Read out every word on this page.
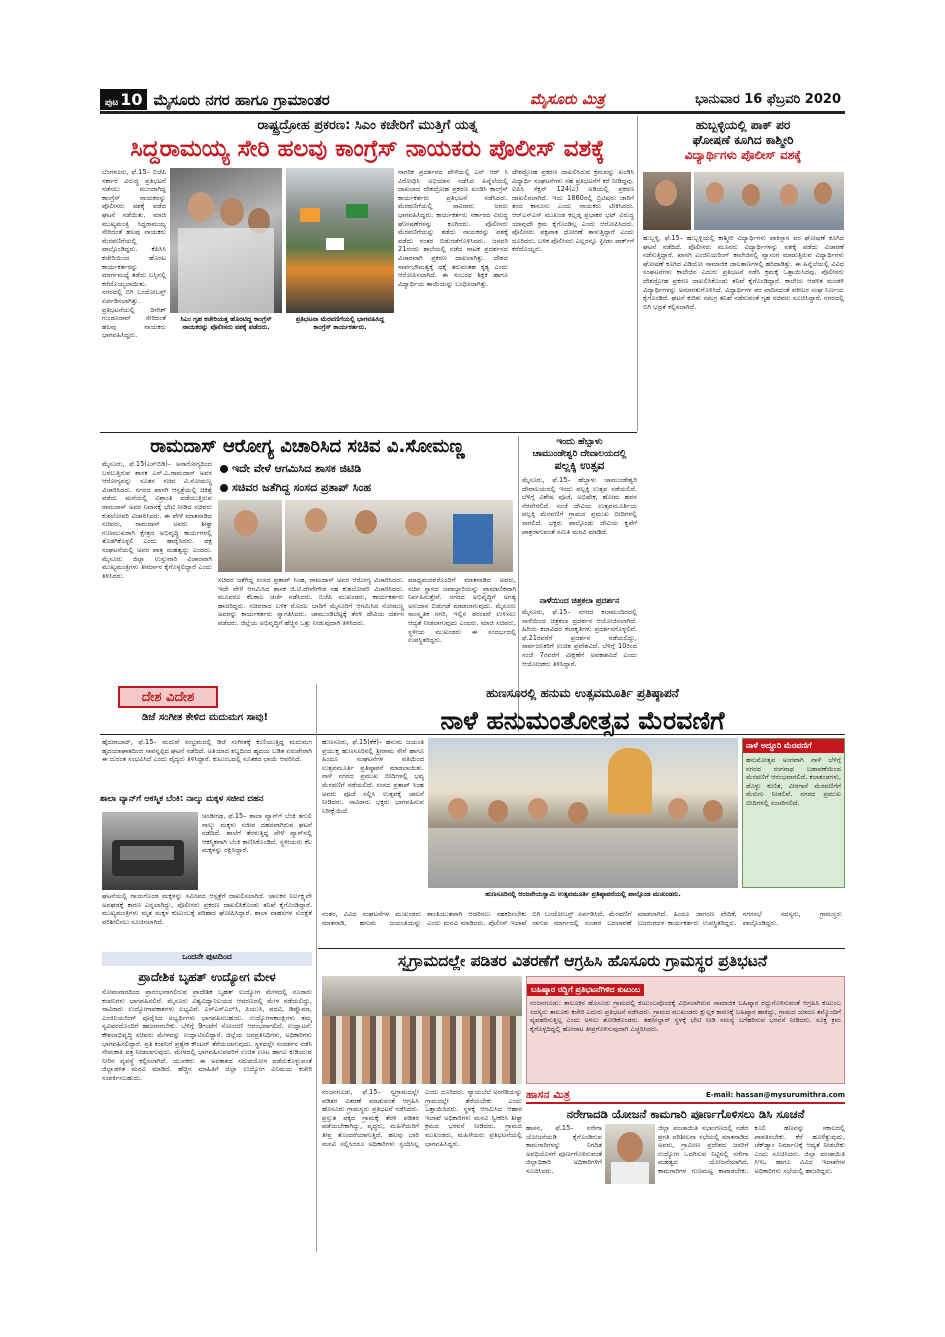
ಪುಟ 10 ಮೈಸೂರು ನಗರ ಹಾಗೂ ಗ್ರಾಮಾಂತರ	ಮೈಸೂರು ಮಿತ್ರ	ಭಾನುವಾರ 16 ಫೆಬ್ರವರಿ 2020
ರಾಷ್ಟ್ರದ್ರೋಹ ಪ್ರಕರಣ: ಸಿಎಂ ಕಚೇರಿಗೆ ಮುತ್ತಿಗೆ ಯತ್ನ
ಸಿದ್ದರಾಮಯ್ಯ ಸೇರಿ ಹಲವು ಕಾಂಗ್ರೆಸ್ ನಾಯಕರು ಪೊಲೀಸ್ ವಶಕ್ಕೆ
ಬೆಂಗಳೂರು, ಫೆ.15– ಬಿಜೆಪಿ ಸರ್ಕಾರ ವಿರುದ್ಧ ಪ್ರತಿಭಟನೆ ನಡೆಸಲು ಮುಂದಾಗಿದ್ದ ಕಾಂಗ್ರೆಸ್ ನಾಯಕರನ್ನು ಪೊಲೀಸರು ವಶಕ್ಕೆ ಪಡೆದ ಘಟನೆ ನಡೆಯಿತು. ಮಾಜಿ ಮುಖ್ಯಮಂತ್ರಿ ಸಿದ್ದರಾಮಯ್ಯ ಸೇರಿದಂತೆ ಹಲವು ನಾಯಕರು ಮೆರವಣಿಗೆಯಲ್ಲಿ ಪಾಲ್ಗೊಂಡಿದ್ದರು. ಕೆಪಿಸಿಸಿ ಕಚೇರಿಯಿಂದ ಹೊರಟ ಕಾರ್ಯಕರ್ತರನ್ನು ಮಾರ್ಗಮಧ್ಯೆ ತಡೆದು ಬಸ್ಸಿನಲ್ಲಿ ಕರೆದೊಯ್ಯಲಾಯಿತು. ನಗರದಲ್ಲಿ ಬಿಗಿ ಬಂದೋಬಸ್ತ್ ಏರ್ಪಡಿಸಲಾಗಿತ್ತು. ಪ್ರತಿಭಟನೆಯಲ್ಲಿ ದಿನೇಶ್ ಗುಂಡೂರಾವ್ ಸೇರಿದಂತೆ ಹಲವು ನಾಯಕರು ಭಾಗವಹಿಸಿದ್ದರು.
ಸಿಎಂ ಗೃಹ ಕಚೇರಿಯತ್ತ ಹೊರಟಿದ್ದ ಕಾಂಗ್ರೆಸ್ ನಾಯಕರನ್ನು ಪೊಲೀಸರು ವಶಕ್ಕೆ ಪಡೆದರು.
ಪ್ರತಿಭಟನಾ ಮೆರವಣಿಗೆಯಲ್ಲಿ ಭಾಗವಹಿಸಿದ್ದ ಕಾಂಗ್ರೆಸ್ ಕಾರ್ಯಕರ್ತರು.
ನಾಗರಿಕ ಪ್ರದರ್ಶನದ ವೇಳೆಯಲ್ಲಿ ಎನ್ ಆರ್ ಸಿ ವಿರೋಧಿಸಿ ಅಭಿಯಾನ ನಡೆಸಿದ ಹಿನ್ನೆಲೆಯಲ್ಲಿ ದಾಖಲಾದ ದೇಶದ್ರೋಹ ಪ್ರಕರಣ ಖಂಡಿಸಿ ಕಾಂಗ್ರೆಸ್ ಕಾರ್ಯಕರ್ತರು ಪ್ರತಿಭಟನೆ ನಡೆಸಿದರು. ಮೆರವಣಿಗೆಯಲ್ಲಿ ಸಾವಿರಾರು ಜನರು ಭಾಗವಹಿಸಿದ್ದರು. ಕಾರ್ಯಕರ್ತರು ಸರ್ಕಾರದ ವಿರುದ್ಧ ಘೋಷಣೆಗಳನ್ನು ಕೂಗಿದರು. ಪೊಲೀಸರು ಮೆರವಣಿಗೆಯನ್ನು ತಡೆದು ನಾಯಕರನ್ನು ವಶಕ್ಕೆ ಪಡೆದು ನಂತರ ಬಿಡುಗಡೆಗೊಳಿಸಿದರು. ಜನವರಿ 21ರಂದು ಶಾಲೆಯಲ್ಲಿ ನಡೆದ ನಾಟಕ ಪ್ರದರ್ಶನದ ವಿಚಾರವಾಗಿ ಪ್ರಕರಣ ದಾಖಲಾಗಿತ್ತು. ದೇಶದ ಸಾರ್ವಭೌಮತ್ವಕ್ಕೆ ಧಕ್ಕೆ ತರುವಂತಹ ಕೃತ್ಯ ಎಂದು ಆರೋಪಿಸಲಾಗಿದೆ. ಈ ಸಂಬಂಧ ಶಿಕ್ಷಕಿ ಹಾಗೂ ವಿದ್ಯಾರ್ಥಿಯ ತಾಯಿಯನ್ನು ಬಂಧಿಸಲಾಗಿತ್ತು.
ದೇಶದ್ರೋಹ ಪ್ರಕರಣ ದಾಖಲಿಸಿರುವ ಕ್ರಮವನ್ನು ಖಂಡಿಸಿ ವಿದ್ಯಾರ್ಥಿ ಸಂಘಟನೆಗಳು ಸಹ ಪ್ರತಿಭಟನೆಗೆ ಕರೆ ನೀಡಿದ್ದವು. ಐಪಿಸಿ ಸೆಕ್ಷನ್ 124(ಎ) ಅಡಿಯಲ್ಲಿ ಪ್ರಕರಣ ದಾಖಲಿಸಲಾಗಿದೆ. ಇದು 1860ರಲ್ಲಿ ಬ್ರಿಟಿಷರು ಜಾರಿಗೆ ತಂದ ಕಾನೂನು ಎಂದು ನಾಯಕರು ಟೀಕಿಸಿದರು. ಆರ್‌ಎಸ್‌ಎಸ್ ಮುಖಂಡ ಕಲ್ಲಡ್ಕ ಪ್ರಭಾಕರ ಭಟ್ ವಿರುದ್ಧ ಯಾವುದೇ ಕ್ರಮ ಕೈಗೊಂಡಿಲ್ಲ ಎಂದು ಆರೋಪಿಸಿದರು. ಪೊಲೀಸರು ಪಕ್ಷಪಾತ ಧೋರಣೆ ತಾಳುತ್ತಿದ್ದಾರೆ ಎಂದು ದೂರಿದರು. ಬಳಿಕ ಪೊಲೀಸರು ಎಲ್ಲರನ್ನೂ ಫ್ರೀಡಂ ಪಾರ್ಕ್‌ಗೆ ಕರೆದೊಯ್ದರು.
ಹುಬ್ಬಳ್ಳಿಯಲ್ಲಿ ಪಾಕ್ ಪರ
ಘೋಷಣೆ ಕೂಗಿದ ಕಾಶ್ಮೀರಿ
ವಿದ್ಯಾರ್ಥಿಗಳು ಪೊಲೀಸ್ ವಶಕ್ಕೆ
ಹುಬ್ಬಳ್ಳಿ, ಫೆ.15– ಹುಬ್ಬಳ್ಳಿಯಲ್ಲಿ ಕಾಶ್ಮೀರಿ ವಿದ್ಯಾರ್ಥಿಗಳು ಪಾಕಿಸ್ತಾನ ಪರ ಘೋಷಣೆ ಕೂಗಿದ ಘಟನೆ ನಡೆದಿದೆ. ಪೊಲೀಸರು ಮೂವರು ವಿದ್ಯಾರ್ಥಿಗಳನ್ನು ವಶಕ್ಕೆ ಪಡೆದು ವಿಚಾರಣೆ ನಡೆಸುತ್ತಿದ್ದಾರೆ. ಖಾಸಗಿ ಎಂಜಿನಿಯರಿಂಗ್ ಕಾಲೇಜಿನಲ್ಲಿ ವ್ಯಾಸಂಗ ಮಾಡುತ್ತಿರುವ ವಿದ್ಯಾರ್ಥಿಗಳು ಘೋಷಣೆ ಕೂಗಿದ ವಿಡಿಯೋ ಸಾಮಾಜಿಕ ಜಾಲತಾಣಗಳಲ್ಲಿ ಹರಿದಾಡಿತ್ತು. ಈ ಹಿನ್ನೆಲೆಯಲ್ಲಿ ವಿವಿಧ ಸಂಘಟನೆಗಳು ಕಾಲೇಜಿನ ಎದುರು ಪ್ರತಿಭಟನೆ ನಡೆಸಿ ಕ್ರಮಕ್ಕೆ ಒತ್ತಾಯಿಸಿದವು. ಪೊಲೀಸರು ದೇಶದ್ರೋಹ ಪ್ರಕರಣ ದಾಖಲಿಸಿಕೊಂಡು ತನಿಖೆ ಕೈಗೊಂಡಿದ್ದಾರೆ. ಕಾಲೇಜು ಆಡಳಿತ ಮಂಡಳಿ ವಿದ್ಯಾರ್ಥಿಗಳನ್ನು ಅಮಾನತುಗೊಳಿಸಿದೆ. ವಿದ್ಯಾರ್ಥಿಗಳ ಪರ ವಾದಿಸದಂತೆ ವಕೀಲರ ಸಂಘ ನಿರ್ಣಯ ಕೈಗೊಂಡಿದೆ. ಘಟನೆ ಕುರಿತು ಸಮಗ್ರ ತನಿಖೆ ನಡೆಸುವಂತೆ ಗೃಹ ಸಚಿವರು ಸೂಚಿಸಿದ್ದಾರೆ. ನಗರದಲ್ಲಿ ಬಿಗಿ ಭದ್ರತೆ ಕಲ್ಪಿಸಲಾಗಿದೆ.
ರಾಮದಾಸ್ ಆರೋಗ್ಯ ವಿಚಾರಿಸಿದ ಸಚಿವ ವಿ.ಸೋಮಣ್ಣ
ಮೈಸೂರು, ಫೆ.15(ಎಸ್‌ಬಿಡಿ)– ಅನಾರೋಗ್ಯದಿಂದ ಬಳಲುತ್ತಿರುವ ಶಾಸಕ ಎಸ್.ಎ.ರಾಮದಾಸ್ ಅವರ ಆರೋಗ್ಯವನ್ನು ನೂತನ ಸಚಿವ ವಿ.ಸೋಮಣ್ಣ ವಿಚಾರಿಸಿದರು. ನಗರದ ಖಾಸಗಿ ಆಸ್ಪತ್ರೆಯಲ್ಲಿ ಚಿಕಿತ್ಸೆ ಪಡೆದು ಮನೆಯಲ್ಲಿ ವಿಶ್ರಾಂತಿ ಪಡೆಯುತ್ತಿರುವ ರಾಮದಾಸ್ ಅವರ ನಿವಾಸಕ್ಕೆ ಭೇಟಿ ನೀಡಿದ ಸಚಿವರು ಕುಶಲೋಪರಿ ವಿಚಾರಿಸಿದರು. ಈ ವೇಳೆ ಮಾತನಾಡಿದ ಸಚಿವರು, ರಾಮದಾಸ್ ಅವರು ಶೀಘ್ರ ಗುಣಮುಖರಾಗಿ ಕ್ಷೇತ್ರದ ಅಭಿವೃದ್ಧಿ ಕಾರ್ಯಗಳಲ್ಲಿ ತೊಡಗಿಕೊಳ್ಳಲಿ ಎಂದು ಹಾರೈಸಿದರು. ಪಕ್ಷ ಸಂಘಟನೆಯಲ್ಲಿ ಅವರ ಪಾತ್ರ ಮಹತ್ವದ್ದು ಎಂದರು. ಮೈಸೂರು ಜಿಲ್ಲಾ ಉಸ್ತುವಾರಿ ವಿಚಾರವಾಗಿ ಮುಖ್ಯಮಂತ್ರಿಗಳು ತೀರ್ಮಾನ ಕೈಗೊಳ್ಳಲಿದ್ದಾರೆ ಎಂದು ತಿಳಿಸಿದರು.
ಇದೇ ವೇಳೆ ಆಗಮಿಸಿದ ಶಾಸಕ ಜಿಟಿಡಿ
ಸಚಿವರ ಜತೆಗಿದ್ದ ಸಂಸದ ಪ್ರತಾಪ್ ಸಿಂಹ
ಸಚಿವರ ಜತೆಗಿದ್ದ ಸಂಸದ ಪ್ರತಾಪ್ ಸಿಂಹ, ರಾಮದಾಸ್ ಅವರ ಆರೋಗ್ಯ ವಿಚಾರಿಸಿದರು. ಇದೇ ವೇಳೆ ಆಗಮಿಸಿದ ಶಾಸಕ ಜಿ.ಟಿ.ದೇವೇಗೌಡ ಸಹ ಕುಶಲೋಪರಿ ವಿಚಾರಿಸಿದರು. ಮೂವರೂ ಕೆಲಕಾಲ ಚರ್ಚೆ ನಡೆಸಿದರು. ಬಿಜೆಪಿ ಮುಖಂಡರು, ಕಾರ್ಯಕರ್ತರು ಹಾಜರಿದ್ದರು. ಸಚಿವರಾದ ಬಳಿಕ ಮೊದಲ ಬಾರಿಗೆ ಮೈಸೂರಿಗೆ ಆಗಮಿಸಿದ ಸೋಮಣ್ಣ ಅವರನ್ನು ಕಾರ್ಯಕರ್ತರು ಸ್ವಾಗತಿಸಿದರು. ಚಾಮುಂಡಿಬೆಟ್ಟಕ್ಕೆ ತೆರಳಿ ದೇವಿಯ ದರ್ಶನ ಪಡೆದರು. ಜಿಲ್ಲೆಯ ಅಭಿವೃದ್ಧಿಗೆ ಹೆಚ್ಚಿನ ಒತ್ತು ನೀಡುವುದಾಗಿ ತಿಳಿಸಿದರು.
ಮಾಧ್ಯಮದವರೊಂದಿಗೆ ಮಾತನಾಡಿದ ಅವರು, ಸಚಿವ ಸ್ಥಾನದ ಜವಾಬ್ದಾರಿಯನ್ನು ಪ್ರಾಮಾಣಿಕವಾಗಿ ನಿರ್ವಹಿಸುತ್ತೇನೆ. ನಗರದ ಅಭಿವೃದ್ಧಿಗೆ ಅಗತ್ಯ ಅನುದಾನ ಬಿಡುಗಡೆ ಮಾಡಲಾಗುವುದು. ಮೈಸೂರು ಸಾಂಸ್ಕೃತಿಕ ನಗರಿ, ಇಲ್ಲಿನ ಪರಂಪರೆ ಉಳಿಸಲು ಆದ್ಯತೆ ನೀಡಲಾಗುವುದು ಎಂದರು. ಮಾಜಿ ಸಚಿವರು, ಸ್ಥಳೀಯ ಮುಖಂಡರು ಈ ಸಂದರ್ಭದಲ್ಲಿ ಉಪಸ್ಥಿತರಿದ್ದರು.
ಇಂದು ಹೆಬ್ಬಾಳು
ಚಾಮುಂಡೇಶ್ವರಿ ದೇವಾಲಯದಲ್ಲಿ
ಪಲ್ಲಕ್ಕಿ ಉತ್ಸವ
ಮೈಸೂರು, ಫೆ.15– ಹೆಬ್ಬಾಳು ಚಾಮುಂಡೇಶ್ವರಿ ದೇವಾಲಯದಲ್ಲಿ ಇಂದು ಪಲ್ಲಕ್ಕಿ ಉತ್ಸವ ನಡೆಯಲಿದೆ. ಬೆಳಿಗ್ಗೆ ವಿಶೇಷ ಪೂಜೆ, ಅಭಿಷೇಕ, ಹೋಮ ಹವನ ನೆರವೇರಲಿದೆ. ಸಂಜೆ ದೇವಿಯ ಉತ್ಸವಮೂರ್ತಿಯ ಪಲ್ಲಕ್ಕಿ ಮೆರವಣಿಗೆ ಗ್ರಾಮದ ಪ್ರಮುಖ ಬೀದಿಗಳಲ್ಲಿ ಸಾಗಲಿದೆ. ಭಕ್ತರು ಪಾಲ್ಗೊಂಡು ದೇವಿಯ ಕೃಪೆಗೆ ಪಾತ್ರರಾಗುವಂತೆ ಸಮಿತಿ ಮನವಿ ಮಾಡಿದೆ.
ನಾಳೆಯಿಂದ ಚಿತ್ರಕಲಾ ಪ್ರದರ್ಶನ
ಮೈಸೂರು, ಫೆ.15– ನಗರದ ಕಲಾಮಂದಿರದಲ್ಲಿ ನಾಳೆಯಿಂದ ಚಿತ್ರಕಲಾ ಪ್ರದರ್ಶನ ಆಯೋಜಿಸಲಾಗಿದೆ. ಹಿರಿಯ ಕಲಾವಿದರ ಕಲಾಕೃತಿಗಳು ಪ್ರದರ್ಶನಗೊಳ್ಳಲಿವೆ. ಫೆ.21ರವರೆಗೆ ಪ್ರದರ್ಶನ ನಡೆಯಲಿದ್ದು, ಸಾರ್ವಜನಿಕರಿಗೆ ಉಚಿತ ಪ್ರವೇಶವಿದೆ. ಬೆಳಿಗ್ಗೆ 10ರಿಂದ ಸಂಜೆ 7ರವರೆಗೆ ವೀಕ್ಷಣೆಗೆ ಅವಕಾಶವಿದೆ ಎಂದು ಆಯೋಜಕರು ತಿಳಿಸಿದ್ದಾರೆ.
ದೇಶ ವಿದೇಶ
ಡಿಜೆ ಸಂಗೀತ ಕೇಳಿದ ಮದುಮಗ ಸಾವು!
ಹೈದರಾಬಾದ್, ಫೆ.15– ಮದುವೆ ಸಂಭ್ರಮದಲ್ಲಿ ಡಿಜೆ ಸಂಗೀತಕ್ಕೆ ಕುಣಿಯುತ್ತಿದ್ದ ಮದುಮಗ ಹೃದಯಾಘಾತದಿಂದ ಸಾವನ್ನಪ್ಪಿದ ಘಟನೆ ನಡೆದಿದೆ. ಅತಿಯಾದ ಶಬ್ದದಿಂದ ಹೃದಯ ಬಡಿತ ಏರುಪೇರಾಗಿ ಈ ದುರಂತ ಸಂಭವಿಸಿದೆ ಎಂದು ವೈದ್ಯರು ತಿಳಿಸಿದ್ದಾರೆ. ಕುಟುಂಬದಲ್ಲಿ ಸೂತಕದ ಛಾಯೆ ಆವರಿಸಿದೆ.
ಶಾಲಾ ವ್ಯಾನ್‌ಗೆ ಆಕಸ್ಮಿಕ ಬೆಂಕಿ: ನಾಲ್ಕು ಮಕ್ಕಳ ಸಜೀವ ದಹನ
ಚಂಡೀಗಢ, ಫೆ.15– ಶಾಲಾ ವ್ಯಾನ್‌ಗೆ ಬೆಂಕಿ ತಗುಲಿ ನಾಲ್ಕು ಮಕ್ಕಳು ಸಜೀವ ದಹನವಾಗಿರುವ ಘಟನೆ ನಡೆದಿದೆ. ಶಾಲೆಗೆ ತೆರಳುತ್ತಿದ್ದ ವೇಳೆ ವ್ಯಾನ್‌ನಲ್ಲಿ ಆಕಸ್ಮಿಕವಾಗಿ ಬೆಂಕಿ ಕಾಣಿಸಿಕೊಂಡಿದೆ. ಸ್ಥಳೀಯರು ಕೆಲ ಮಕ್ಕಳನ್ನು ರಕ್ಷಿಸಿದ್ದಾರೆ.
ಘಟನೆಯಲ್ಲಿ ಗಾಯಗೊಂಡ ಮಕ್ಕಳನ್ನು ಸಮೀಪದ ಆಸ್ಪತ್ರೆಗೆ ದಾಖಲಿಸಲಾಗಿದೆ. ಚಾಲಕನ ನಿರ್ಲಕ್ಷ್ಯವೇ ಅವಘಡಕ್ಕೆ ಕಾರಣ ಎನ್ನಲಾಗಿದ್ದು, ಪೊಲೀಸರು ಪ್ರಕರಣ ದಾಖಲಿಸಿಕೊಂಡು ತನಿಖೆ ಕೈಗೊಂಡಿದ್ದಾರೆ. ಮುಖ್ಯಮಂತ್ರಿಗಳು ಮೃತ ಮಕ್ಕಳ ಕುಟುಂಬಕ್ಕೆ ಪರಿಹಾರ ಘೋಷಿಸಿದ್ದಾರೆ. ಶಾಲಾ ವಾಹನಗಳ ಸುರಕ್ಷತೆ ಪರಿಶೀಲಿಸಲು ಸೂಚಿಸಲಾಗಿದೆ.
ಒಂದನೇ ಪುಟದಿಂದ
ಪ್ರಾದೇಶಿಕ ಬೃಹತ್ ಉದ್ಯೋಗ ಮೇಳ
ಸೋಮವಾರದಿಂದ ಪ್ರಾರಂಭವಾಗಲಿರುವ ಪ್ರಾದೇಶಿಕ ಬೃಹತ್ ಉದ್ಯೋಗ ಮೇಳದಲ್ಲಿ ನೂರಾರು ಕಂಪನಿಗಳು ಭಾಗವಹಿಸಲಿವೆ. ಮೈಸೂರು ವಿಶ್ವವಿದ್ಯಾನಿಲಯದ ಆವರಣದಲ್ಲಿ ಮೇಳ ನಡೆಯಲಿದ್ದು, ಸಾವಿರಾರು ಉದ್ಯೋಗಾವಕಾಶಗಳು ಲಭ್ಯವಿವೆ. ಎಸ್‌ಎಸ್‌ಎಲ್‌ಸಿ, ಪಿಯುಸಿ, ಪದವಿ, ಡಿಪ್ಲೊಮಾ, ಎಂಜಿನಿಯರಿಂಗ್ ಪೂರೈಸಿದ ಅಭ್ಯರ್ಥಿಗಳು ಭಾಗವಹಿಸಬಹುದು. ಉದ್ಯೋಗಾಕಾಂಕ್ಷಿಗಳು ತಮ್ಮ ಸ್ವವಿವರದೊಂದಿಗೆ ಹಾಜರಾಗಬೇಕು. ಬೆಳಿಗ್ಗೆ 9ಗಂಟೆಗೆ ನೋಂದಣಿ ಆರಂಭವಾಗಲಿದೆ. ಉದ್ಘಾಟನೆ: ಕೌಶಲಾಭಿವೃದ್ಧಿ ಸಚಿವರು ಮೇಳವನ್ನು ಉದ್ಘಾಟಿಸಲಿದ್ದಾರೆ. ಜಿಲ್ಲೆಯ ಜನಪ್ರತಿನಿಧಿಗಳು, ಅಧಿಕಾರಿಗಳು ಭಾಗವಹಿಸಲಿದ್ದಾರೆ. ಪ್ರತಿ ಕಂಪನಿಗೆ ಪ್ರತ್ಯೇಕ ಕೌಂಟರ್ ತೆರೆಯಲಾಗುವುದು. ಸ್ಥಳದಲ್ಲೇ ಸಂದರ್ಶನ ನಡೆಸಿ ನೇಮಕಾತಿ ಪತ್ರ ನೀಡಲಾಗುವುದು. ಮೇಳದಲ್ಲಿ ಭಾಗವಹಿಸುವವರಿಗೆ ಉಚಿತ ಊಟ ಹಾಗೂ ಕುಡಿಯುವ ನೀರಿನ ವ್ಯವಸ್ಥೆ ಕಲ್ಪಿಸಲಾಗಿದೆ. ಯುವಕರು ಈ ಅವಕಾಶದ ಸದುಪಯೋಗ ಪಡೆದುಕೊಳ್ಳುವಂತೆ ಜಿಲ್ಲಾಡಳಿತ ಮನವಿ ಮಾಡಿದೆ. ಹೆಚ್ಚಿನ ಮಾಹಿತಿಗೆ ಜಿಲ್ಲಾ ಉದ್ಯೋಗ ವಿನಿಮಯ ಕಚೇರಿ ಸಂಪರ್ಕಿಸಬಹುದು.
ಹುಣಸೂರಲ್ಲಿ ಹನುಮ ಉತ್ಸವಮೂರ್ತಿ ಪ್ರತಿಷ್ಠಾಪನೆ
ನಾಳೆ ಹನುಮಂತೋತ್ಸವ ಮೆರವಣಿಗೆ
ಹುಣಸೂರು, ಫೆ.15(ಕೆಕೆ)– ಹನುಮ ಜಯಂತಿ ಪ್ರಯುಕ್ತ ಹುಣಸೂರಿನಲ್ಲಿ ಶ್ರೀರಾಮ ಸೇನೆ ಹಾಗೂ ಹಿಂದೂ ಸಂಘಟನೆಗಳ ವತಿಯಿಂದ ಉತ್ಸವಮೂರ್ತಿ ಪ್ರತಿಷ್ಠಾಪನೆ ಮಾಡಲಾಯಿತು. ನಾಳೆ ನಗರದ ಪ್ರಮುಖ ಬೀದಿಗಳಲ್ಲಿ ಭವ್ಯ ಮೆರವಣಿಗೆ ನಡೆಯಲಿದೆ. ಸಂಸದ ಪ್ರತಾಪ್ ಸಿಂಹ ಅವರು ಪೂಜೆ ಸಲ್ಲಿಸಿ ಉತ್ಸವಕ್ಕೆ ಚಾಲನೆ ನೀಡಿದರು. ಸಾವಿರಾರು ಭಕ್ತರು ಭಾಗವಹಿಸುವ ನಿರೀಕ್ಷೆಯಿದೆ.
ಹುಣಸೂರಿನಲ್ಲಿ ಆಂಜನೇಯಸ್ವಾಮಿ ಉತ್ಸವಮೂರ್ತಿ ಪ್ರತಿಷ್ಠಾಪನೆಯಲ್ಲಿ ಪಾಲ್ಗೊಂಡ ಮುಖಂಡರು.
ನಾಳೆ ಅದ್ದೂರಿ ಮೆರವಣಿಗೆ
ಹನುಮೋತ್ಸವ ಅಂಗವಾಗಿ ನಾಳೆ ಬೆಳಿಗ್ಗೆ ನಗರದ ರಂಗನಾಥ ಬಡಾವಣೆಯಿಂದ ಮೆರವಣಿಗೆ ಆರಂಭವಾಗಲಿದೆ. ಕಲಾತಂಡಗಳು, ಡೊಳ್ಳು ಕುಣಿತ, ವೀರಗಾಸೆ ಮೆರವಣಿಗೆಗೆ ಮೆರುಗು ನೀಡಲಿವೆ. ನಗರದ ಪ್ರಮುಖ ಬೀದಿಗಳಲ್ಲಿ ಸಂಚರಿಸಲಿದೆ.
ನಂತರ, ವಿವಿಧ ಸಂಘಟನೆಗಳ ಮುಖಂಡರು ಮಾತನಾಡಿ, ಹನುಮ ಜಯಂತಿಯನ್ನು ಶಾಂತಿಯುತವಾಗಿ ಆಚರಿಸಲು ಸಹಕರಿಸಬೇಕು ಎಂದು ಮನವಿ ಮಾಡಿದರು. ಪೊಲೀಸ್ ಇಲಾಖೆ ಬಿಗಿ ಬಂದೋಬಸ್ತ್ ಏರ್ಪಡಿಸಿದೆ. ಮೆರವಣಿಗೆ ಸಾಗುವ ಮಾರ್ಗದಲ್ಲಿ ಸಂಚಾರ ಬದಲಾವಣೆ ಮಾಡಲಾಗಿದೆ. ಹಿಂದೂ ಜಾಗರಣ ವೇದಿಕೆ, ಬಜರಂಗದಳ ಕಾರ್ಯಕರ್ತರು ಉಪಸ್ಥಿತರಿದ್ದರು. ನಗರಸಭೆ ಸದಸ್ಯರು, ಗ್ರಾಮಸ್ಥರು ಪಾಲ್ಗೊಂಡಿದ್ದರು.
ಸ್ವಗ್ರಾಮದಲ್ಲೇ ಪಡಿತರ ವಿತರಣೆಗೆ ಆಗ್ರಹಿಸಿ ಹೊಸೂರು ಗ್ರಾಮಸ್ಥರ ಪ್ರತಿಭಟನೆ
ಬಹಿಷ್ಕಾರ ರದ್ದಿಗೆ ಪ್ರತಿಭಟನೆಗಿಳಿದ ಕುಟುಂಬ
ನಂಜನಗೂಡು: ತಾಲೂಕಿನ ಹೊಸೂರು ಗ್ರಾಮದಲ್ಲಿ ಕುಟುಂಬವೊಂದಕ್ಕೆ ವಿಧಿಸಲಾಗಿರುವ ಸಾಮಾಜಿಕ ಬಹಿಷ್ಕಾರ ರದ್ದುಗೊಳಿಸುವಂತೆ ಆಗ್ರಹಿಸಿ ಕುಟುಂಬ ಸದಸ್ಯರು ತಾಲೂಕು ಕಚೇರಿ ಎದುರು ಪ್ರತಿಭಟನೆ ನಡೆಸಿದರು. ಗ್ರಾಮದ ಮುಖಂಡರು ಕ್ಷುಲ್ಲಕ ಕಾರಣಕ್ಕೆ ಬಹಿಷ್ಕಾರ ಹಾಕಿದ್ದು, ಗ್ರಾಮದ ಯಾರೂ ತಮ್ಮೊಂದಿಗೆ ವ್ಯವಹರಿಸುತ್ತಿಲ್ಲ ಎಂದು ಅಳಲು ತೋಡಿಕೊಂಡರು. ತಹಸೀಲ್ದಾರ್ ಸ್ಥಳಕ್ಕೆ ಭೇಟಿ ನೀಡಿ ಸಮಸ್ಯೆ ಬಗೆಹರಿಸುವ ಭರವಸೆ ನೀಡಿದರು. ಸೂಕ್ತ ಕ್ರಮ ಕೈಗೊಳ್ಳದಿದ್ದಲ್ಲಿ ಹೋರಾಟ ತೀವ್ರಗೊಳಿಸುವುದಾಗಿ ಎಚ್ಚರಿಸಿದರು.
ನಂಜನಗೂಡು, ಫೆ.15– ಸ್ವಗ್ರಾಮದಲ್ಲೇ ಪಡಿತರ ವಿತರಣೆ ಮಾಡುವಂತೆ ಆಗ್ರಹಿಸಿ ಹೊಸೂರು ಗ್ರಾಮಸ್ಥರು ಪ್ರತಿಭಟನೆ ನಡೆಸಿದರು. ಪ್ರಸ್ತುತ ಪಕ್ಕದ ಗ್ರಾಮಕ್ಕೆ ತೆರಳಿ ಪಡಿತರ ಪಡೆಯಬೇಕಾಗಿದ್ದು, ವೃದ್ಧರು, ಮಹಿಳೆಯರಿಗೆ ತೀವ್ರ ತೊಂದರೆಯಾಗುತ್ತಿದೆ. ಹಲವು ಬಾರಿ ಮನವಿ ಸಲ್ಲಿಸಿದರೂ ಅಧಿಕಾರಿಗಳು ಸ್ಪಂದಿಸಿಲ್ಲ ಎಂದು ದೂರಿದರು. ನ್ಯಾಯಬೆಲೆ ಅಂಗಡಿಯನ್ನು ಗ್ರಾಮದಲ್ಲೇ ತೆರೆಯಬೇಕು ಎಂದು ಒತ್ತಾಯಿಸಿದರು. ಸ್ಥಳಕ್ಕೆ ಆಗಮಿಸಿದ ಆಹಾರ ಇಲಾಖೆ ಅಧಿಕಾರಿಗಳು ಮನವಿ ಸ್ವೀಕರಿಸಿ ಶೀಘ್ರ ಕ್ರಮದ ಭರವಸೆ ನೀಡಿದರು. ಗ್ರಾಮದ ಮುಖಂಡರು, ಮಹಿಳೆಯರು ಪ್ರತಿಭಟನೆಯಲ್ಲಿ ಭಾಗವಹಿಸಿದ್ದರು.
ಹಾಸನ ಮಿತ್ರ	E-mail: hassan@mysurumithra.com
ನರೇಗಾದಡಿ ಯೋಜನೆ ಕಾಮಗಾರಿ ಪೂರ್ಣಗೊಳಿಸಲು ಡಿಸಿ ಸೂಚನೆ
ಹಾಸನ, ಫೆ.15– ನರೇಗಾ ಯೋಜನೆಯಡಿ ಕೈಗೊಂಡಿರುವ ಕಾಮಗಾರಿಗಳನ್ನು ನಿಗದಿತ ಅವಧಿಯೊಳಗೆ ಪೂರ್ಣಗೊಳಿಸುವಂತೆ ಜಿಲ್ಲಾಧಿಕಾರಿ ಅಧಿಕಾರಿಗಳಿಗೆ ಸೂಚಿಸಿದರು.
ಜಿಲ್ಲಾ ಪಂಚಾಯಿತಿ ಸಭಾಂಗಣದಲ್ಲಿ ನಡೆದ ಪ್ರಗತಿ ಪರಿಶೀಲನಾ ಸಭೆಯಲ್ಲಿ ಮಾತನಾಡಿದ ಅವರು, ಗ್ರಾಮೀಣ ಪ್ರದೇಶದ ಜನರಿಗೆ ಉದ್ಯೋಗ ಒದಗಿಸುವ ನಿಟ್ಟಿನಲ್ಲಿ ನರೇಗಾ ಮಹತ್ವದ ಯೋಜನೆಯಾಗಿದೆ. ಕಾಮಗಾರಿಗಳ ಗುಣಮಟ್ಟ ಕಾಪಾಡಬೇಕು. ಕೂಲಿ ಹಣವನ್ನು ಸಕಾಲದಲ್ಲಿ ಪಾವತಿಸಬೇಕು. ಕೆರೆ ಹೂಳೆತ್ತುವುದು, ಚೆಕ್‌ಡ್ಯಾಂ ನಿರ್ಮಾಣಕ್ಕೆ ಆದ್ಯತೆ ನೀಡಬೇಕು ಎಂದು ಸೂಚಿಸಿದರು. ಜಿಲ್ಲಾ ಪಂಚಾಯಿತಿ ಸಿಇಒ ಹಾಗೂ ವಿವಿಧ ಇಲಾಖೆಗಳ ಅಧಿಕಾರಿಗಳು ಸಭೆಯಲ್ಲಿ ಹಾಜರಿದ್ದರು.
